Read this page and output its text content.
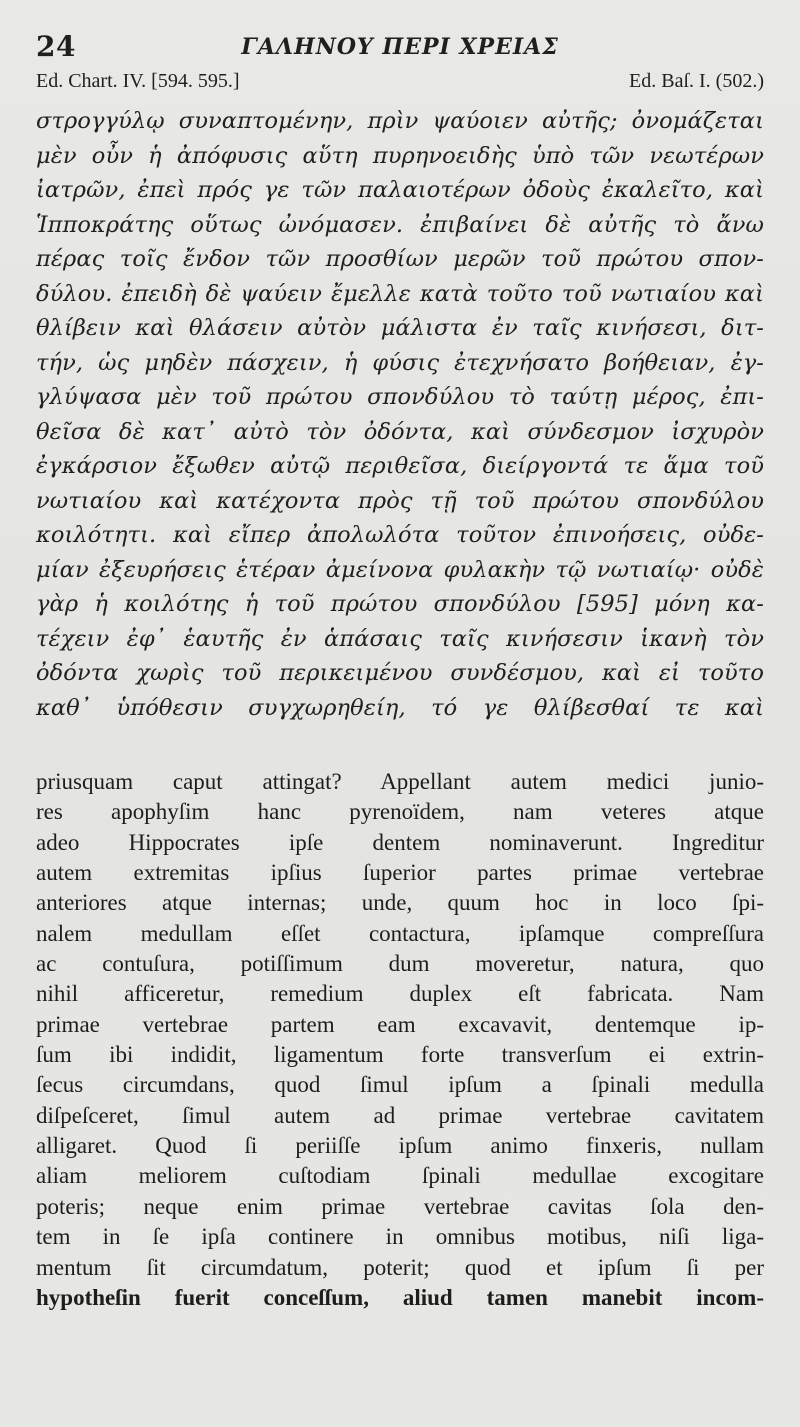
24	ΓΑΛΗΝΟΥ ΠΕΡΙ ΧΡΕΙΑΣ
Ed. Chart. IV. [594. 595.]	Ed. Baſ. I. (502.)
στρογγύλῳ συναπτομένην, πρὶν ψαύοιεν αὐτῆς; ὀνομάζεται
μὲν οὖν ἡ ἀπόφυσις αὕτη πυρηνοειδὴς ὑπὸ τῶν νεωτέρων
ἰατρῶν, ἐπεὶ πρός γε τῶν παλαιοτέρων ὀδοὺς ἐκαλεῖτο, καὶ
Ἱπποκράτης οὕτως ὠνόμασεν. ἐπιβαίνει δὲ αὐτῆς τὸ ἄνω
πέρας τοῖς ἔνδον τῶν προσθίων μερῶν τοῦ πρώτου σπον-
δύλου. ἐπειδὴ δὲ ψαύειν ἔμελλε κατὰ τοῦτο τοῦ νωτιαίου καὶ
θλίβειν καὶ θλάσειν αὐτὸν μάλιστα ἐν ταῖς κινήσεσι, διτ-
τήν, ὡς μηδὲν πάσχειν, ἡ φύσις ἐτεχνήσατο βοήθειαν, ἐγ-
γλύψασα μὲν τοῦ πρώτου σπονδύλου τὸ ταύτῃ μέρος, ἐπι-
θεῖσα δὲ κατ᾽ αὐτὸ τὸν ὀδόντα, καὶ σύνδεσμον ἰσχυρὸν
ἐγκάρσιον ἔξωθεν αὐτῷ περιθεῖσα, διείργοντά τε ἅμα τοῦ
νωτιαίου καὶ κατέχοντα πρὸς τῇ τοῦ πρώτου σπονδύλου
κοιλότητι. καὶ εἴπερ ἀπολωλότα τοῦτον ἐπινοήσεις, οὐδε-
μίαν ἐξευρήσεις ἑτέραν ἀμείνονα φυλακὴν τῷ νωτιαίῳ· οὐδὲ
γὰρ ἡ κοιλότης ἡ τοῦ πρώτου σπονδύλου [595] μόνη κα-
τέχειν ἐφ᾽ ἑαυτῆς ἐν ἁπάσαις ταῖς κινήσεσιν ἱκανὴ τὸν
ὀδόντα χωρὶς τοῦ περικειμένου συνδέσμου, καὶ εἰ τοῦτο
καθ᾽ ὑπόθεσιν συγχωρηθείη, τό γε θλίβεσθαί τε καὶ
priusquam caput attingat? Appellant autem medici junio-
res apophyſim hanc pyrenoïdem, nam veteres atque
adeo Hippocrates ipſe dentem nominaverunt. Ingreditur
autem extremitas ipſius ſuperior partes primae vertebrae
anteriores atque internas; unde, quum hoc in loco ſpi-
nalem medullam eſſet contactura, ipſamque compreſſura
ac contuſura, potiſſimum dum moveretur, natura, quo
nihil afficeretur, remedium duplex eſt fabricata. Nam
primae vertebrae partem eam excavavit, dentemque ip-
ſum ibi indidit, ligamentum forte transverſum ei extrin-
ſecus circumdans, quod ſimul ipſum a ſpinali medulla
diſpeſceret, ſimul autem ad primae vertebrae cavitatem
alligaret. Quod ſi periiſſe ipſum animo finxeris, nullam
aliam meliorem cuſtodiam ſpinali medullae excogitare
poteris; neque enim primae vertebrae cavitas ſola den-
tem in ſe ipſa continere in omnibus motibus, niſi liga-
mentum ſit circumdatum, poterit; quod et ipſum ſi per
hypotheſin fuerit conceſſum, aliud tamen manebit incom-
